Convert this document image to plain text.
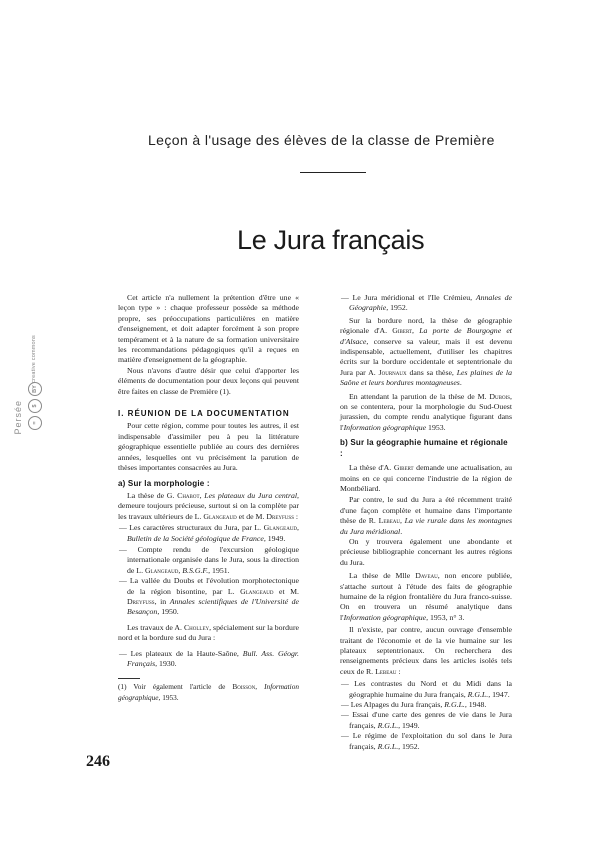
creative commons
BY
$
=
Persée
Leçon à l'usage des élèves de la classe de Première
Le Jura français

Cet article n'a nullement la prétention d'être une « leçon type » : chaque professeur possède sa méthode propre, ses préoccupations particulières en matière d'enseignement, et doit adapter forcément à son propre tempérament et à la nature de sa formation universitaire les recommandations pédagogiques qu'il a reçues en matière d'enseignement de la géographie.

Nous n'avons d'autre désir que celui d'apporter les éléments de documentation pour deux leçons qui peuvent être faites en classe de Première (1).

I. RÉUNION DE LA DOCUMENTATION

Pour cette région, comme pour toutes les autres, il est indispensable d'assimiler peu à peu la littérature géographique essentielle publiée au cours des dernières années, lesquelles ont vu précisément la parution de thèses importantes consacrées au Jura.

a) Sur la morphologie :

La thèse de G. Chabot, Les plateaux du Jura central, demeure toujours précieuse, surtout si on la complète par les travaux ultérieurs de L. Glangeaud et de M. Dreyfuss :

— Les caractères structuraux du Jura, par L. Glangeaud, Bulletin de la Société géologique de France, 1949.

— Compte rendu de l'excursion géologique internationale organisée dans le Jura, sous la direction de L. Glangeaud, B.S.G.F., 1951.

— La vallée du Doubs et l'évolution morphotectonique de la région bisontine, par L. Glangeaud et M. Dreyfuss, in Annales scientifiques de l'Université de Besançon, 1950.

Les travaux de A. Cholley, spécialement sur la bordure nord et la bordure sud du Jura :

— Les plateaux de la Haute-Saône, Bull. Ass. Géogr. Français, 1930.

(1) Voir également l'article de Boisson, Information géographique, 1953.

— Le Jura méridional et l'Ile Crémieu, Annales de Géographie, 1952.

Sur la bordure nord, la thèse de géographie régionale d'A. Gibert, La porte de Bourgogne et d'Alsace, conserve sa valeur, mais il est devenu indispensable, actuellement, d'utiliser les chapitres écrits sur la bordure occidentale et septentrionale du Jura par A. Journaux dans sa thèse, Les plaines de la Saône et leurs bordures montagneuses.

En attendant la parution de la thèse de M. Dubois, on se contentera, pour la morphologie du Sud-Ouest jurassien, du compte rendu analytique figurant dans l'Information géographique 1953.

b) Sur la géographie humaine et régionale :

La thèse d'A. Gibert demande une actualisation, au moins en ce qui concerne l'industrie de la région de Montbéliard.

Par contre, le sud du Jura a été récemment traité d'une façon complète et humaine dans l'importante thèse de R. Lebeau, La vie rurale dans les montagnes du Jura méridional.

On y trouvera également une abondante et précieuse bibliographie concernant les autres régions du Jura.

La thèse de Mlle Daveau, non encore publiée, s'attache surtout à l'étude des faits de géographie humaine de la région frontalière du Jura franco-suisse. On en trouvera un résumé analytique dans l'Information géographique, 1953, n° 3.

Il n'existe, par contre, aucun ouvrage d'ensemble traitant de l'économie et de la vie humaine sur les plateaux septentrionaux. On recherchera des renseignements précieux dans les articles isolés tels ceux de R. Lebeau :

— Les contrastes du Nord et du Midi dans la géographie humaine du Jura français, R.G.L., 1947.

— Les Alpages du Jura français, R.G.L., 1948.

— Essai d'une carte des genres de vie dans le Jura français, R.G.L., 1949.

— Le régime de l'exploitation du sol dans le Jura français, R.G.L., 1952.

246
